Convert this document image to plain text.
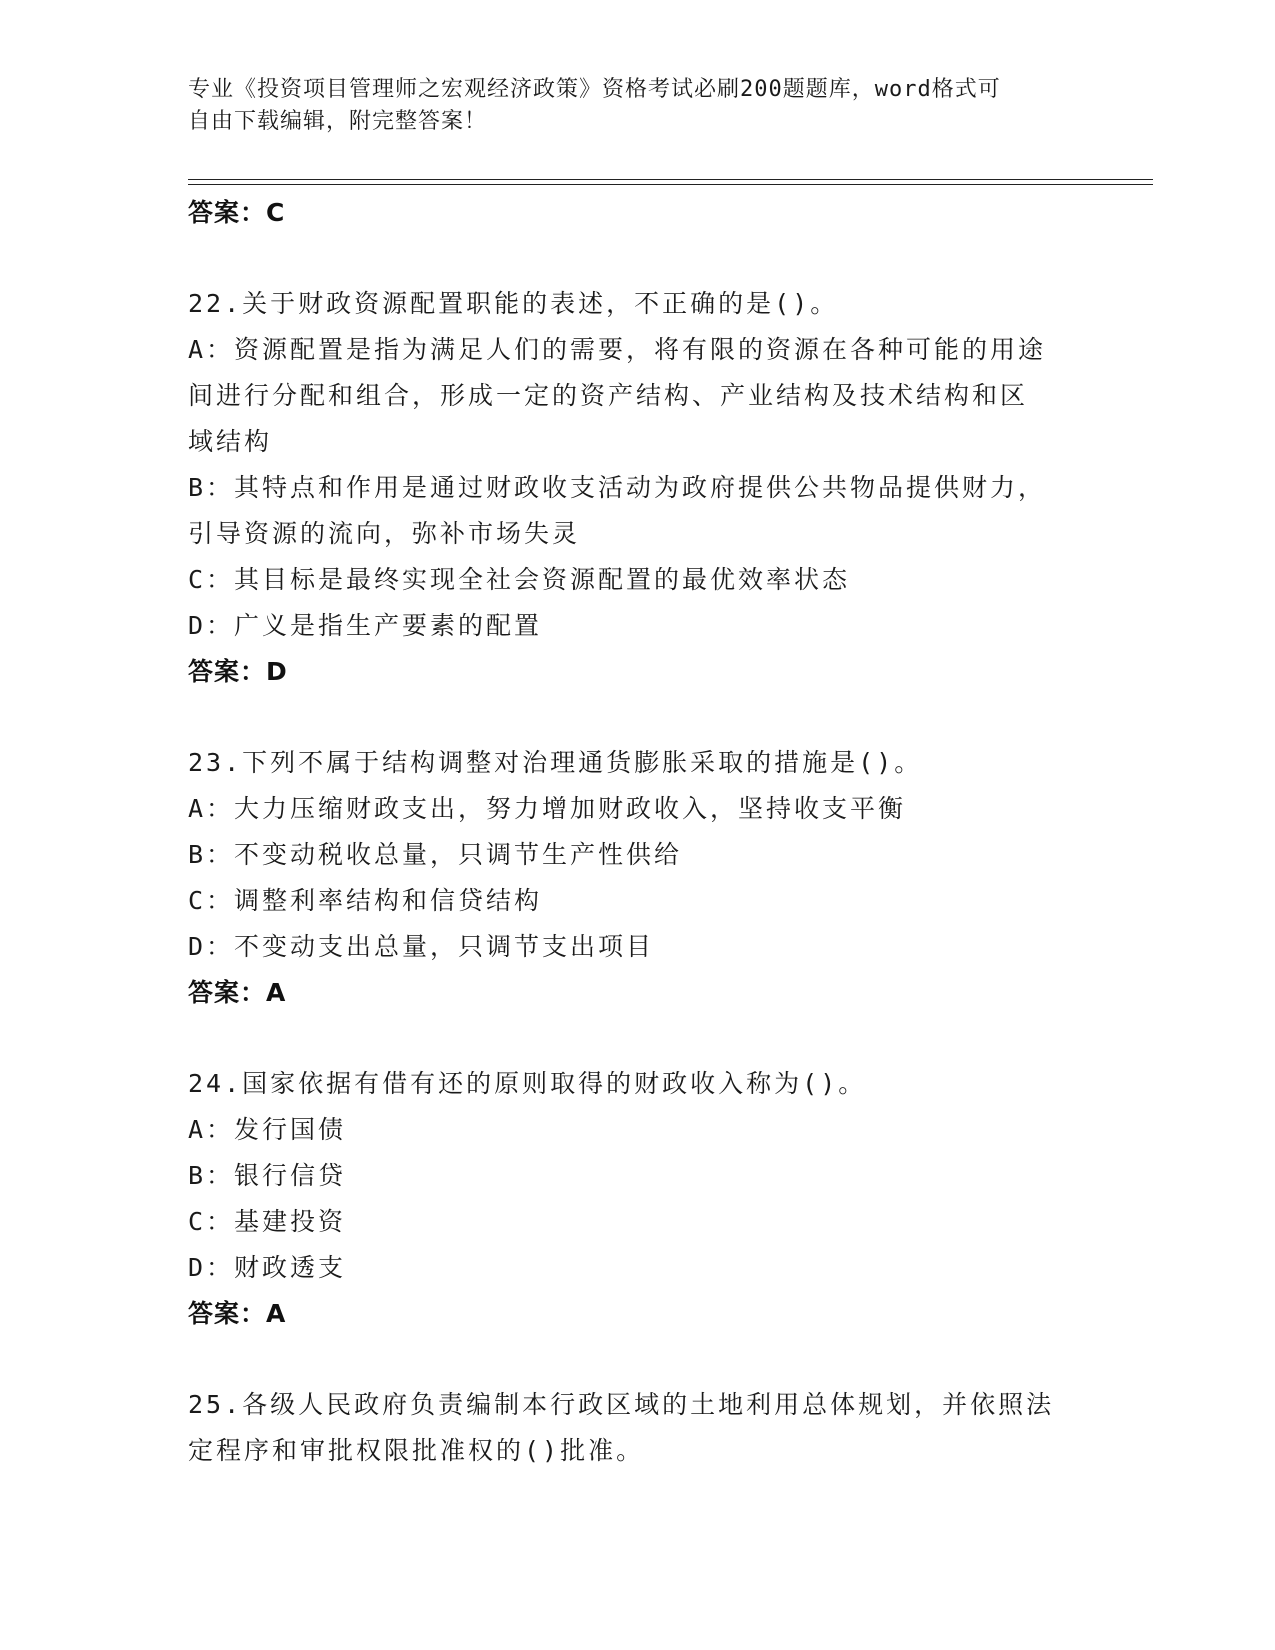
专业《投资项目管理师之宏观经济政策》资格考试必刷200题题库，word格式可
自由下载编辑，附完整答案！
答案：C
22.关于财政资源配置职能的表述，不正确的是()。
A：资源配置是指为满足人们的需要，将有限的资源在各种可能的用途
间进行分配和组合，形成一定的资产结构、产业结构及技术结构和区
域结构
B：其特点和作用是通过财政收支活动为政府提供公共物品提供财力，
引导资源的流向，弥补市场失灵
C：其目标是最终实现全社会资源配置的最优效率状态
D：广义是指生产要素的配置
答案：D
23.下列不属于结构调整对治理通货膨胀采取的措施是()。
A：大力压缩财政支出，努力增加财政收入，坚持收支平衡
B：不变动税收总量，只调节生产性供给
C：调整利率结构和信贷结构
D：不变动支出总量，只调节支出项目
答案：A
24.国家依据有借有还的原则取得的财政收入称为()。
A：发行国债
B：银行信贷
C：基建投资
D：财政透支
答案：A
25.各级人民政府负责编制本行政区域的土地利用总体规划，并依照法
定程序和审批权限批准权的()批准。
